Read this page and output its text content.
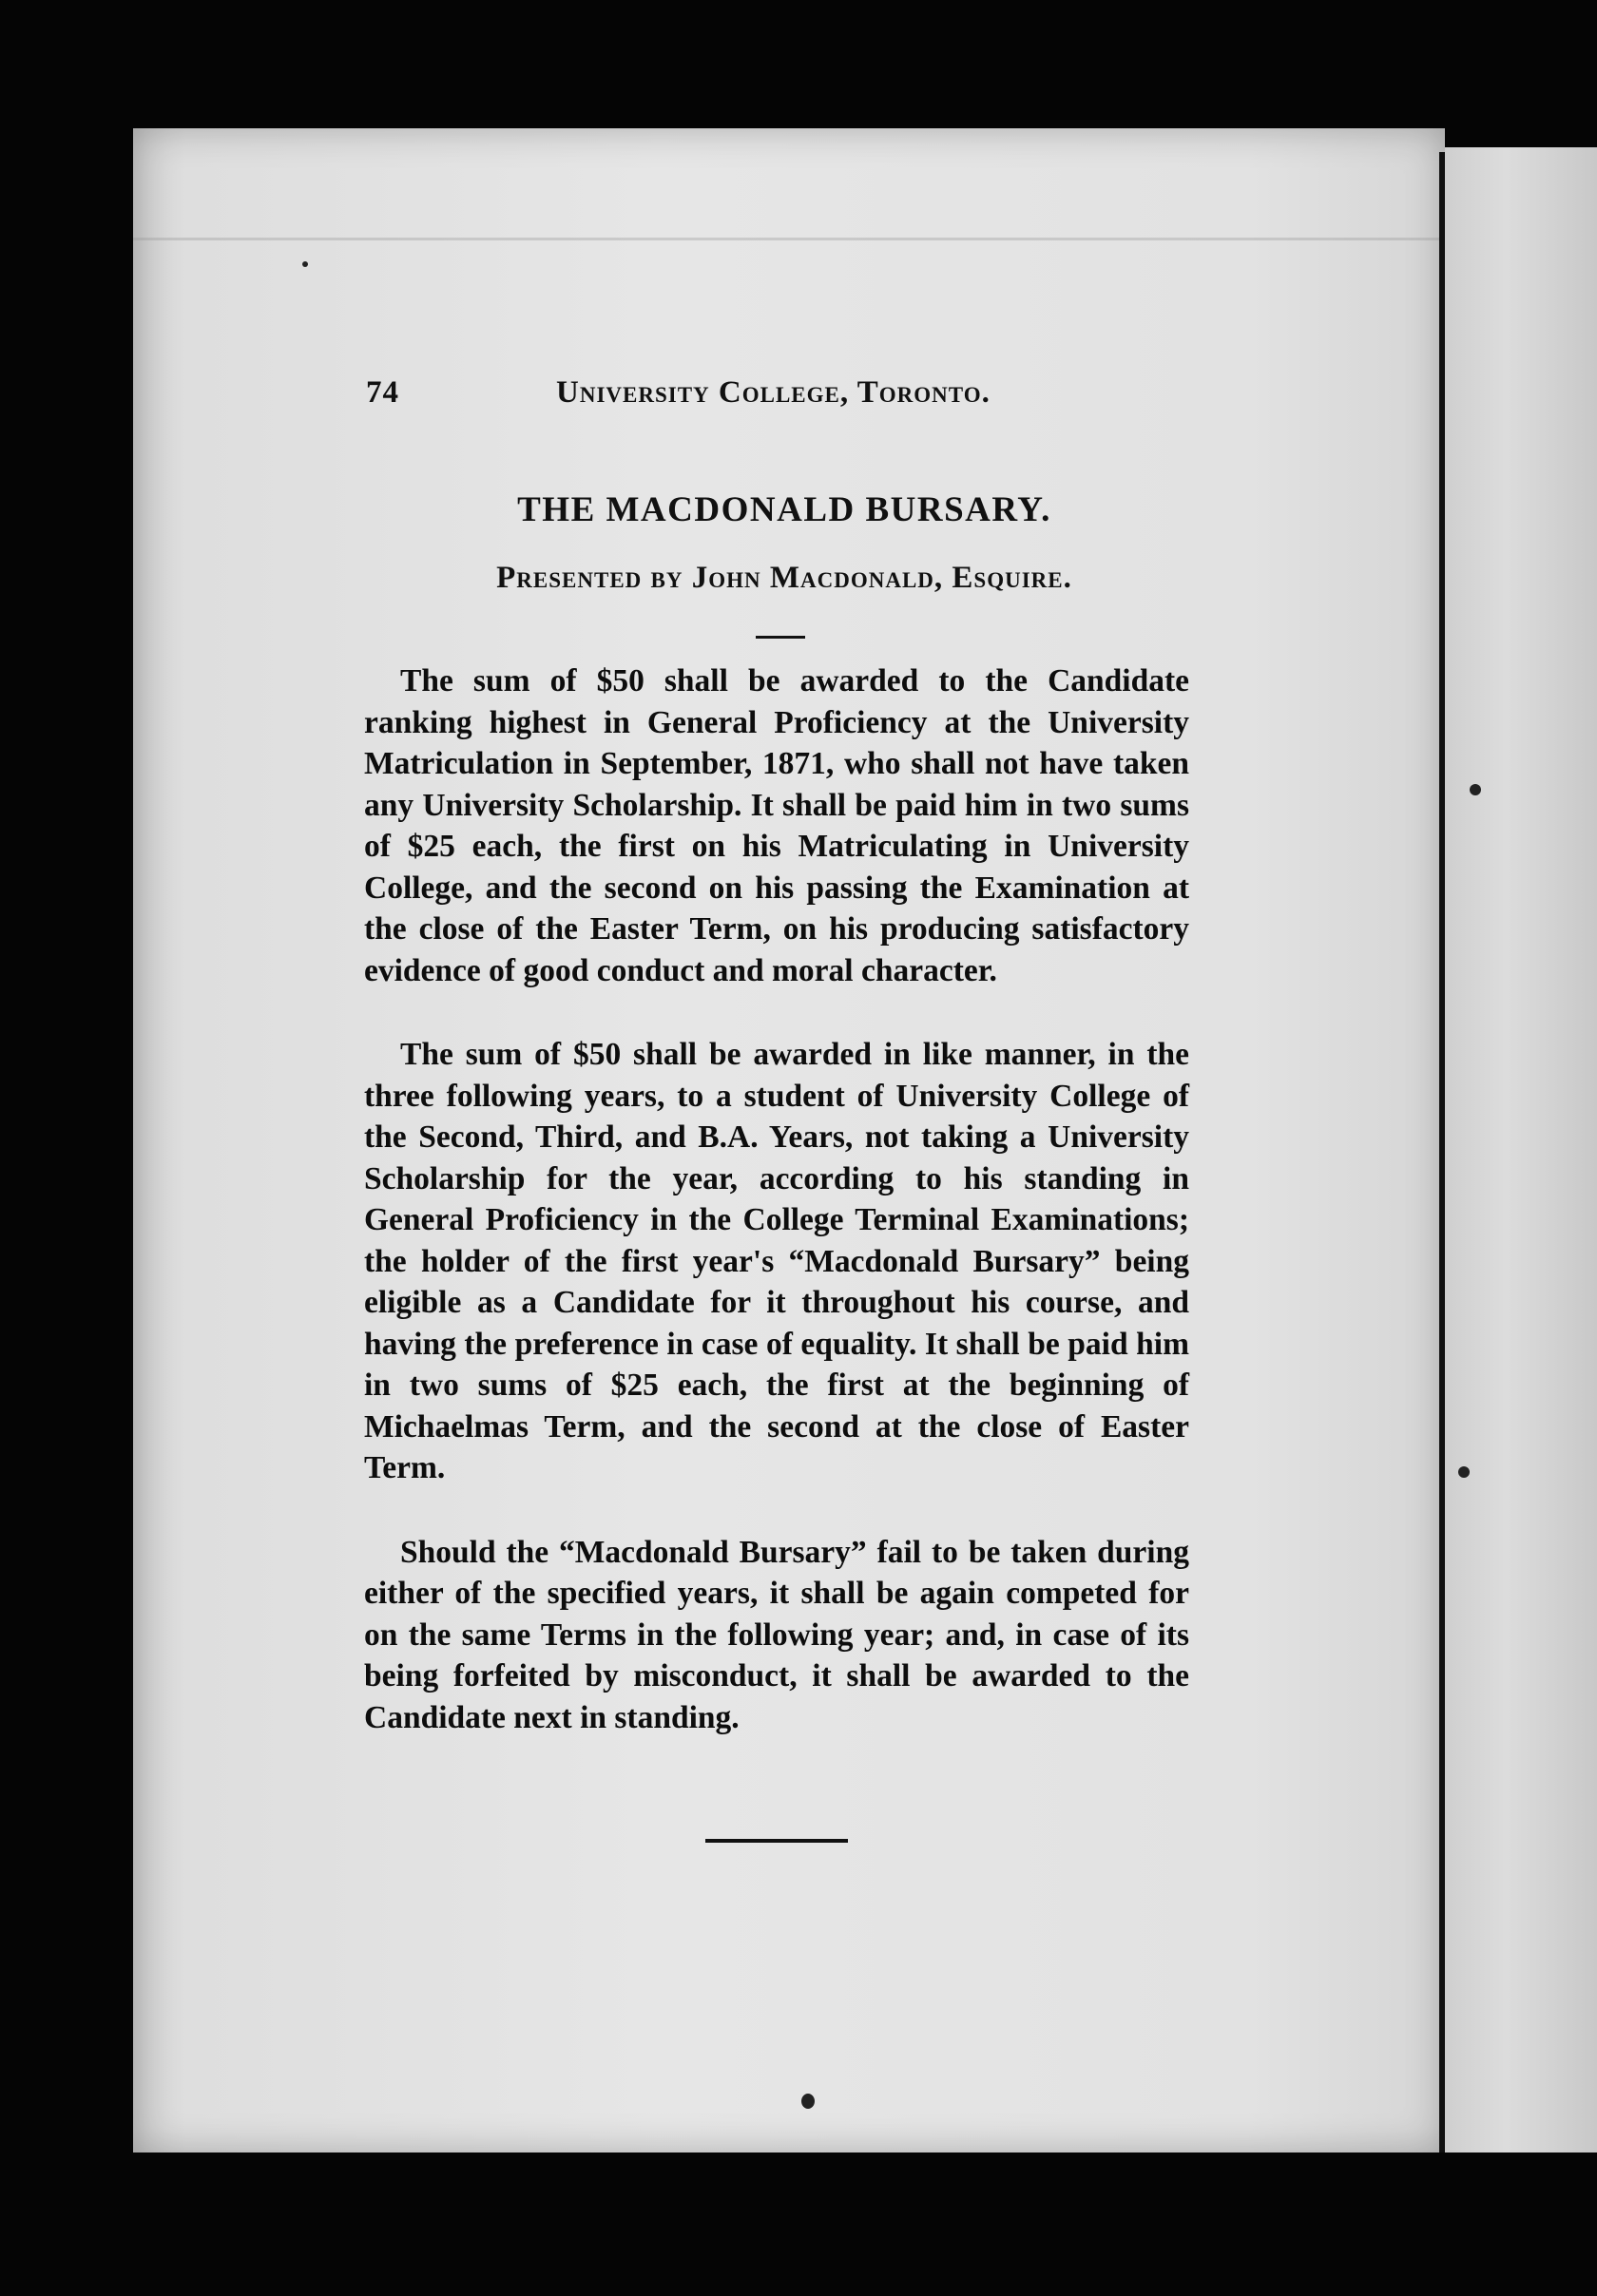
74	University College, Toronto.
THE MACDONALD BURSARY.
Presented by John Macdonald, Esquire.

The sum of $50 shall be awarded to the Candidate ranking highest in General Proficiency at the University Matriculation in September, 1871, who shall not have taken any University Scholarship. It shall be paid him in two sums of $25 each, the first on his Matriculating in University College, and the second on his passing the Examination at the close of the Easter Term, on his producing satisfactory evidence of good conduct and moral character.

The sum of $50 shall be awarded in like manner, in the three following years, to a student of University College of the Second, Third, and B.A. Years, not taking a University Scholarship for the year, according to his standing in General Proficiency in the College Terminal Examinations; the holder of the first year's “Macdonald Bursary” being eligible as a Candidate for it throughout his course, and having the preference in case of equality. It shall be paid him in two sums of $25 each, the first at the beginning of Michaelmas Term, and the second at the close of Easter Term.

Should the “Macdonald Bursary” fail to be taken during either of the specified years, it shall be again competed for on the same Terms in the following year; and, in case of its being forfeited by misconduct, it shall be awarded to the Candidate next in standing.
